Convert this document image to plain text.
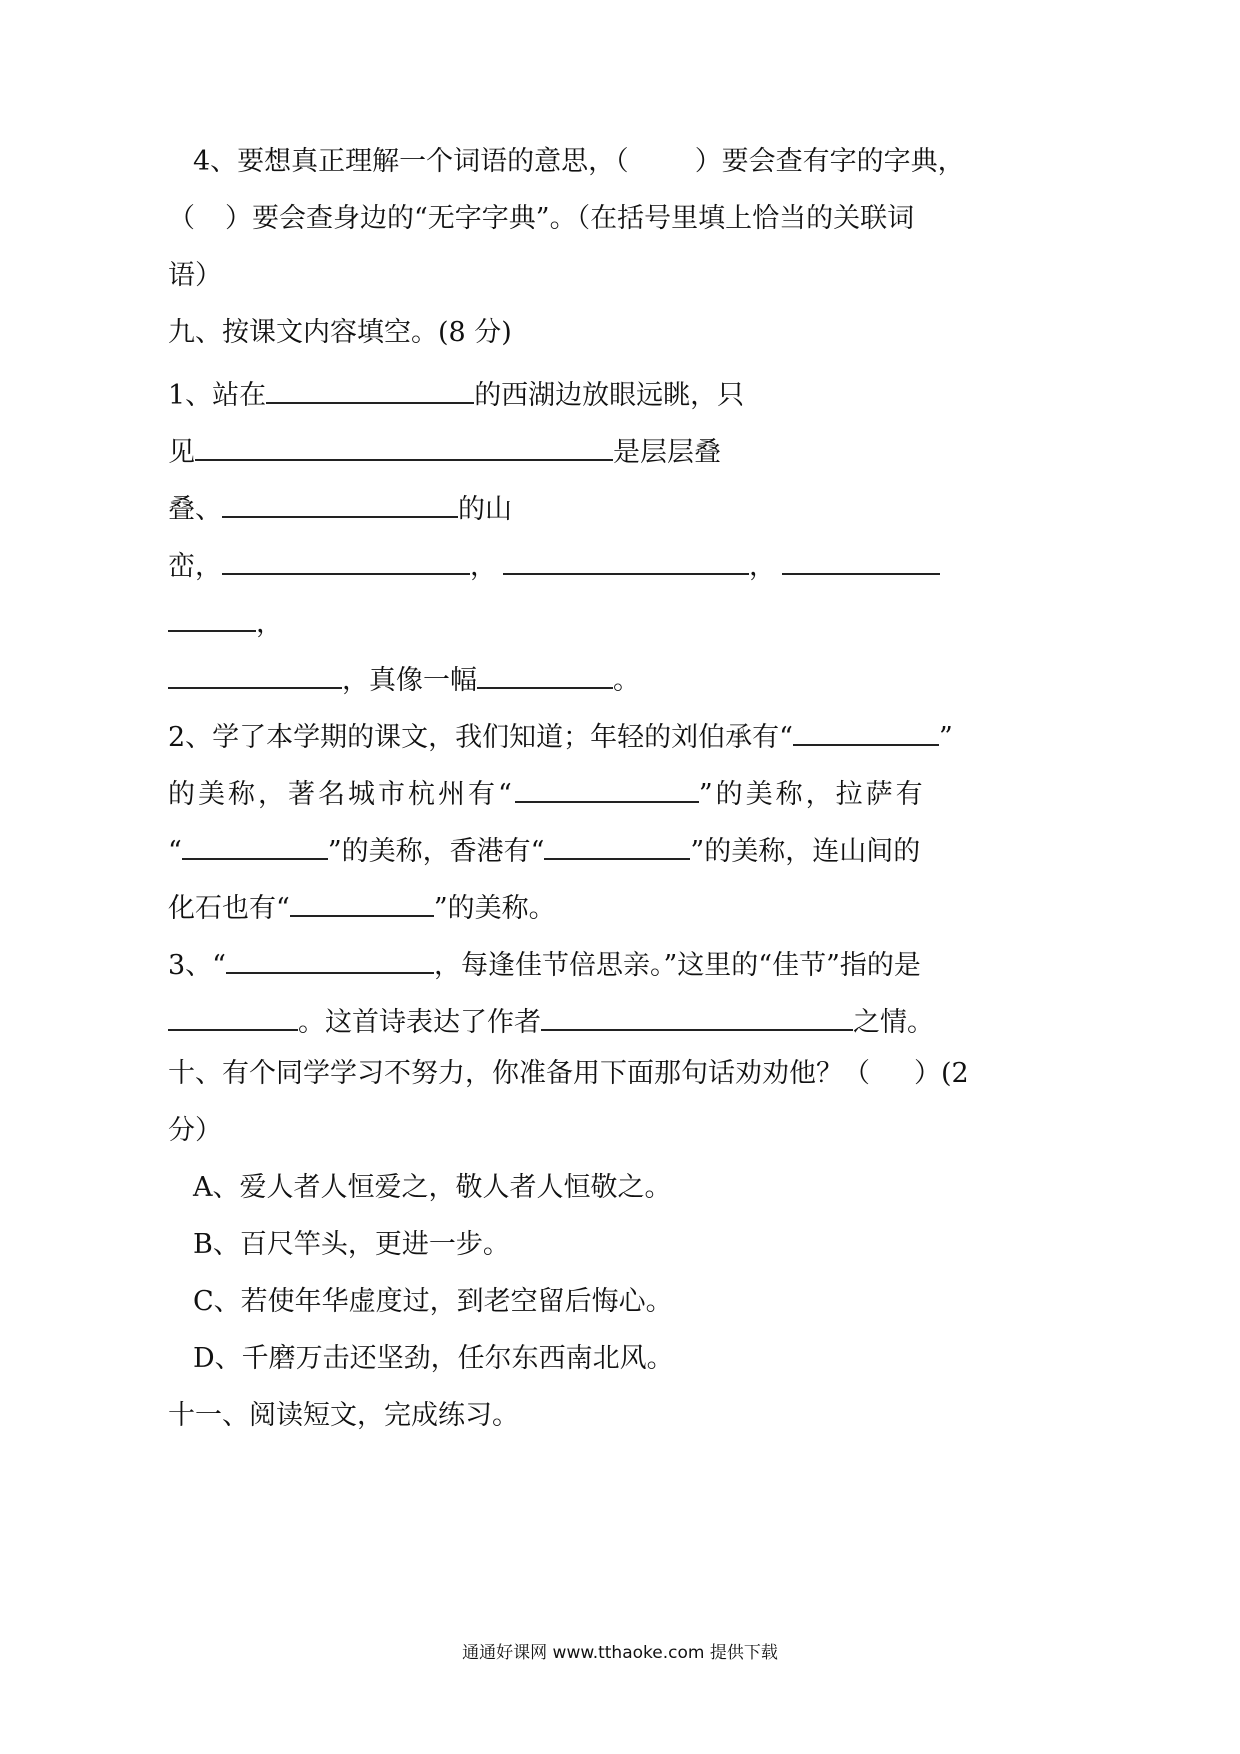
4、要想真正理解一个词语的意思，（ ）要会查有字的字典，
（ ）要会查身边的“无字字典”。（在括号里填上恰当的关联词
语）
九、按课文内容填空。(8 分)
1、站在	的西湖边放眼远眺，只
见	是层层叠
叠、	的山
峦，	，	，
，
，真像一幅	。
2、学了本学期的课文，我们知道；年轻的刘伯承有“	”
的美称，著名城市杭州有“	”的美称，拉萨有
“	”的美称，香港有“	”的美称，连山间的
化石也有“	”的美称。
3、“	，每逢佳节倍思亲。”这里的“佳节”指的是
。这首诗表达了作者	之情。
十、有个同学学习不努力，你准备用下面那句话劝劝他？（ ）(2
分）
A、爱人者人恒爱之，敬人者人恒敬之。
B、百尺竿头，更进一步。
C、若使年华虚度过，到老空留后悔心。
D、千磨万击还坚劲，任尔东西南北风。
十一、阅读短文，完成练习。
通通好课网 www.tthaoke.com 提供下载
